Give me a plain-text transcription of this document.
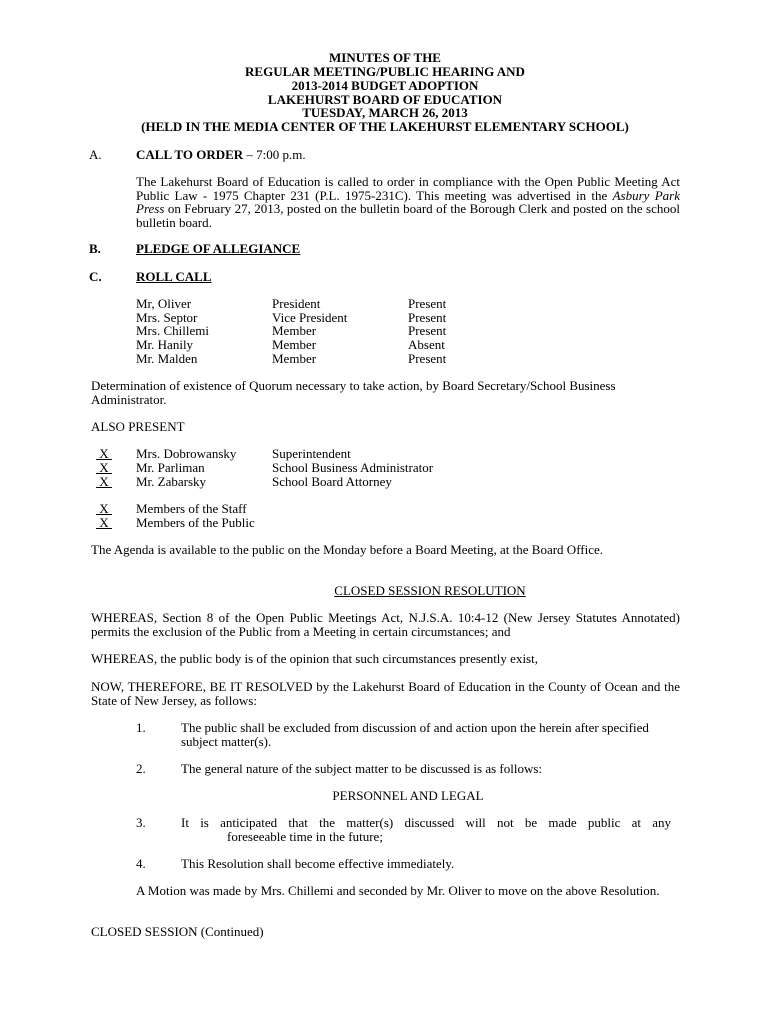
MINUTES OF THE
REGULAR MEETING/PUBLIC HEARING AND
2013-2014 BUDGET ADOPTION
LAKEHURST BOARD OF EDUCATION
TUESDAY, MARCH 26, 2013
(HELD IN THE MEDIA CENTER OF THE LAKEHURST ELEMENTARY SCHOOL)
A.	CALL TO ORDER – 7:00 p.m.
The Lakehurst Board of Education is called to order in compliance with the Open Public Meeting Act Public Law - 1975 Chapter 231 (P.L. 1975-231C). This meeting was advertised in the Asbury Park Press on February 27, 2013, posted on the bulletin board of the Borough Clerk and posted on the school bulletin board.
B.	PLEDGE OF ALLEGIANCE
C.	ROLL CALL
Mr, Oliver	President	Present
Mrs. Septor	Vice President	Present
Mrs. Chillemi	Member	Present
Mr. Hanily	Member	Absent
Mr. Malden	Member	Present
Determination of existence of Quorum necessary to take action, by Board Secretary/School Business Administrator.
ALSO PRESENT
X	Mrs. Dobrowansky	Superintendent
X	Mr. Parliman	School Business Administrator
X	Mr. Zabarsky	School Board Attorney
X	Members of the Staff
X	Members of the Public
The Agenda is available to the public on the Monday before a Board Meeting, at the Board Office.
CLOSED SESSION RESOLUTION
WHEREAS, Section 8 of the Open Public Meetings Act, N.J.S.A. 10:4-12 (New Jersey Statutes Annotated) permits the exclusion of the Public from a Meeting in certain circumstances; and
WHEREAS, the public body is of the opinion that such circumstances presently exist,
NOW, THEREFORE, BE IT RESOLVED by the Lakehurst Board of Education in the County of Ocean and the State of New Jersey, as follows:
1.	The public shall be excluded from discussion of and action upon the herein after specified subject matter(s).
2.	The general nature of the subject matter to be discussed is as follows:
PERSONNEL AND LEGAL
3.	It is anticipated that the matter(s) discussed will not be made public at any
foreseeable time in the future;
4.	This Resolution shall become effective immediately.
A Motion was made by Mrs. Chillemi and seconded by Mr. Oliver to move on the above Resolution.
CLOSED SESSION (Continued)
